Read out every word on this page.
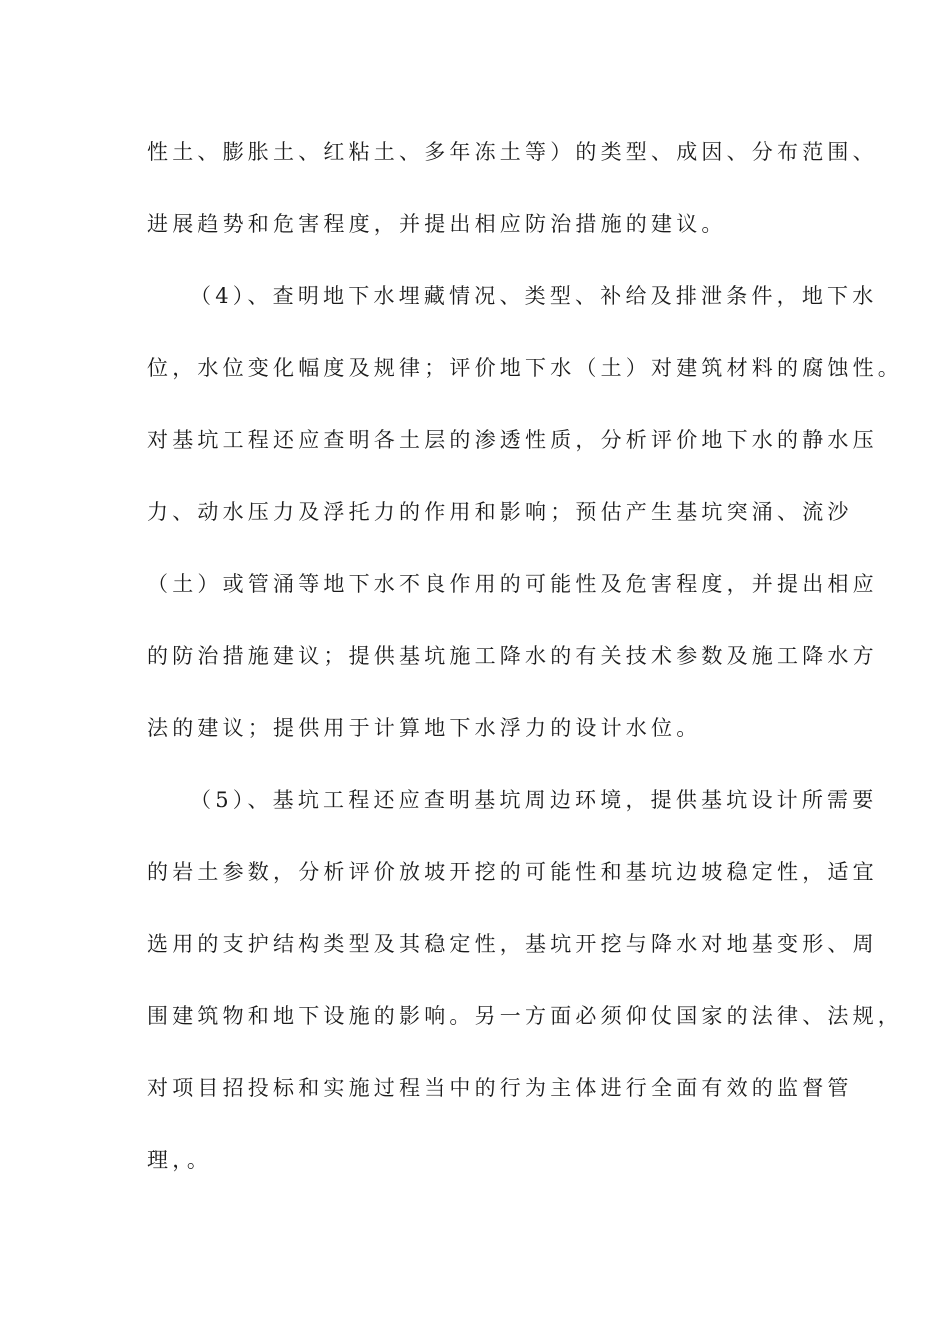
性土、膨胀土、红粘土、多年冻土等）的类型、成因、分布范围、
进展趋势和危害程度，并提出相应防治措施的建议。
（4）、查明地下水埋藏情况、类型、补给及排泄条件，地下水
位，水位变化幅度及规律；评价地下水（土）对建筑材料的腐蚀性。
对基坑工程还应查明各土层的渗透性质，分析评价地下水的静水压
力、动水压力及浮托力的作用和影响；预估产生基坑突涌、流沙
（土）或管涌等地下水不良作用的可能性及危害程度，并提出相应
的防治措施建议；提供基坑施工降水的有关技术参数及施工降水方
法的建议；提供用于计算地下水浮力的设计水位。
（5）、基坑工程还应查明基坑周边环境，提供基坑设计所需要
的岩土参数，分析评价放坡开挖的可能性和基坑边坡稳定性，适宜
选用的支护结构类型及其稳定性，基坑开挖与降水对地基变形、周
围建筑物和地下设施的影响。另一方面必须仰仗国家的法律、法规，
对项目招投标和实施过程当中的行为主体进行全面有效的监督管
理，。
